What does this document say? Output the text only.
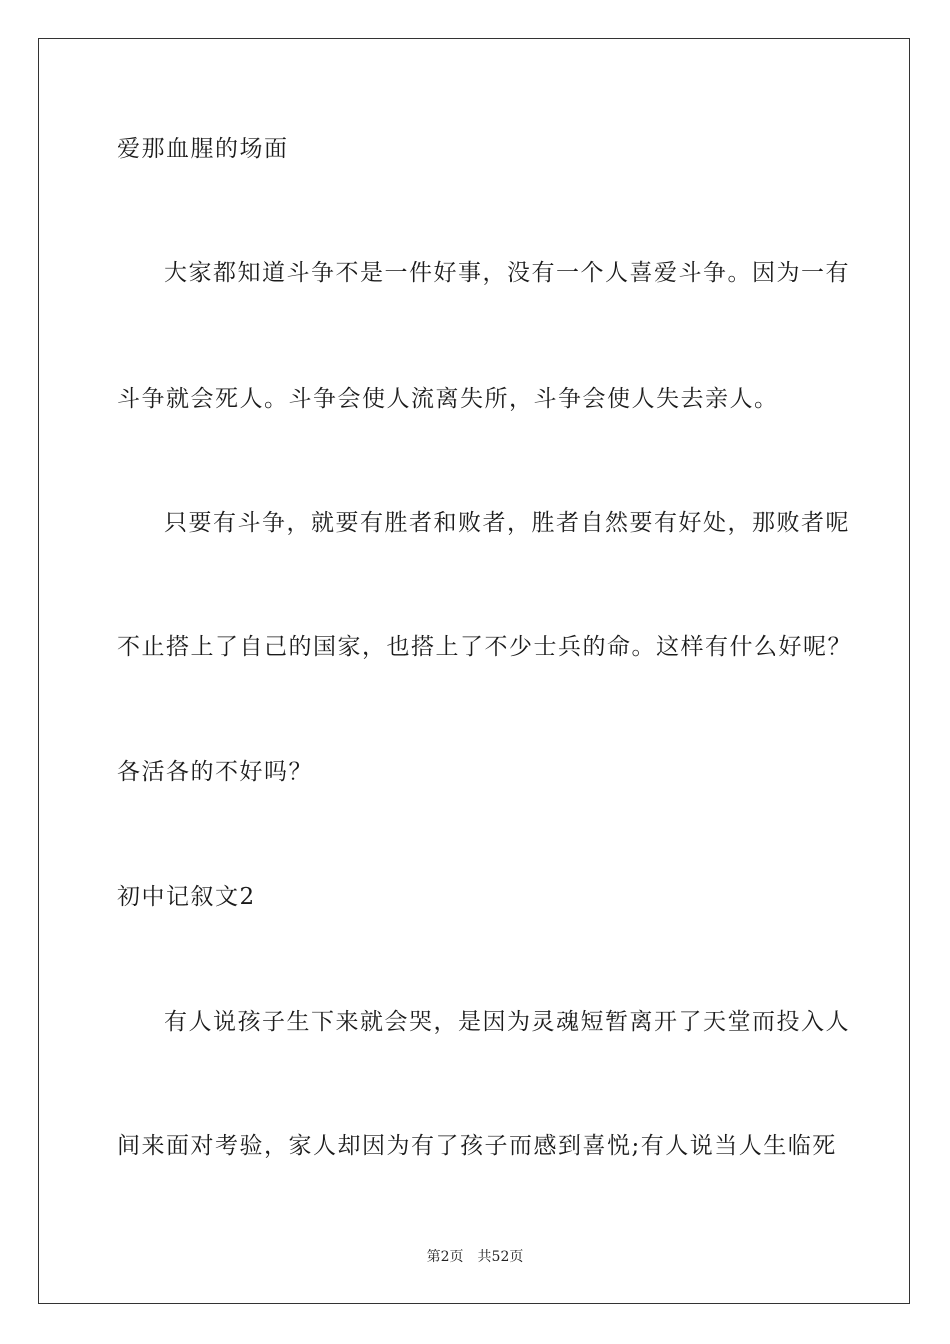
爱那血腥的场面
大家都知道斗争不是一件好事，没有一个人喜爱斗争。因为一有
斗争就会死人。斗争会使人流离失所，斗争会使人失去亲人。
只要有斗争，就要有胜者和败者，胜者自然要有好处，那败者呢
不止搭上了自己的国家，也搭上了不少士兵的命。这样有什么好呢？
各活各的不好吗？
初中记叙文2
有人说孩子生下来就会哭，是因为灵魂短暂离开了天堂而投入人
间来面对考验，家人却因为有了孩子而感到喜悦;有人说当人生临死
第2页 共52页
